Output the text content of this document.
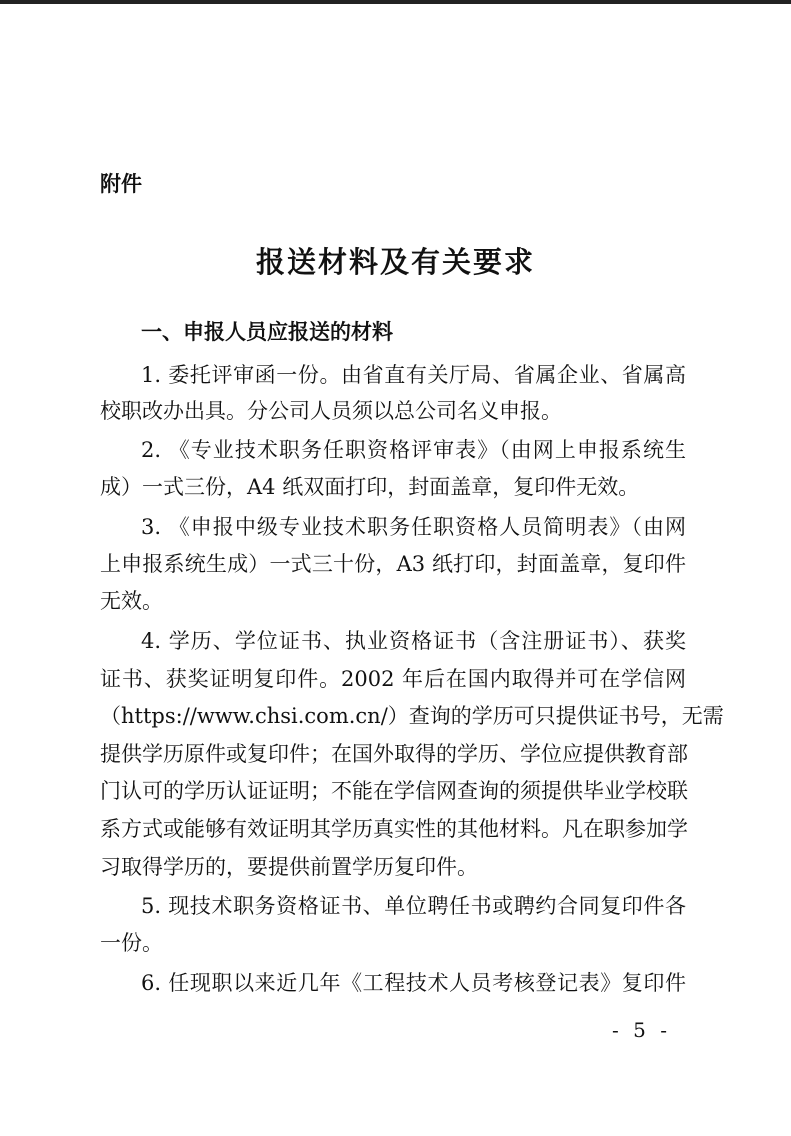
附件
报送材料及有关要求
一、申报人员应报送的材料
1. 委托评审函一份。由省直有关厅局、省属企业、省属高
校职改办出具。分公司人员须以总公司名义申报。
2. 《专业技术职务任职资格评审表》（由网上申报系统生
成）一式三份，A4 纸双面打印，封面盖章，复印件无效。
3. 《申报中级专业技术职务任职资格人员简明表》（由网
上申报系统生成）一式三十份，A3 纸打印，封面盖章，复印件
无效。
4. 学历、学位证书、执业资格证书（含注册证书）、获奖
证书、获奖证明复印件。2002 年后在国内取得并可在学信网
（https://www.chsi.com.cn/）查询的学历可只提供证书号，无需
提供学历原件或复印件；在国外取得的学历、学位应提供教育部
门认可的学历认证证明；不能在学信网查询的须提供毕业学校联
系方式或能够有效证明其学历真实性的其他材料。凡在职参加学
习取得学历的，要提供前置学历复印件。
5. 现技术职务资格证书、单位聘任书或聘约合同复印件各
一份。
6. 任现职以来近几年《工程技术人员考核登记表》复印件
- 5 -
